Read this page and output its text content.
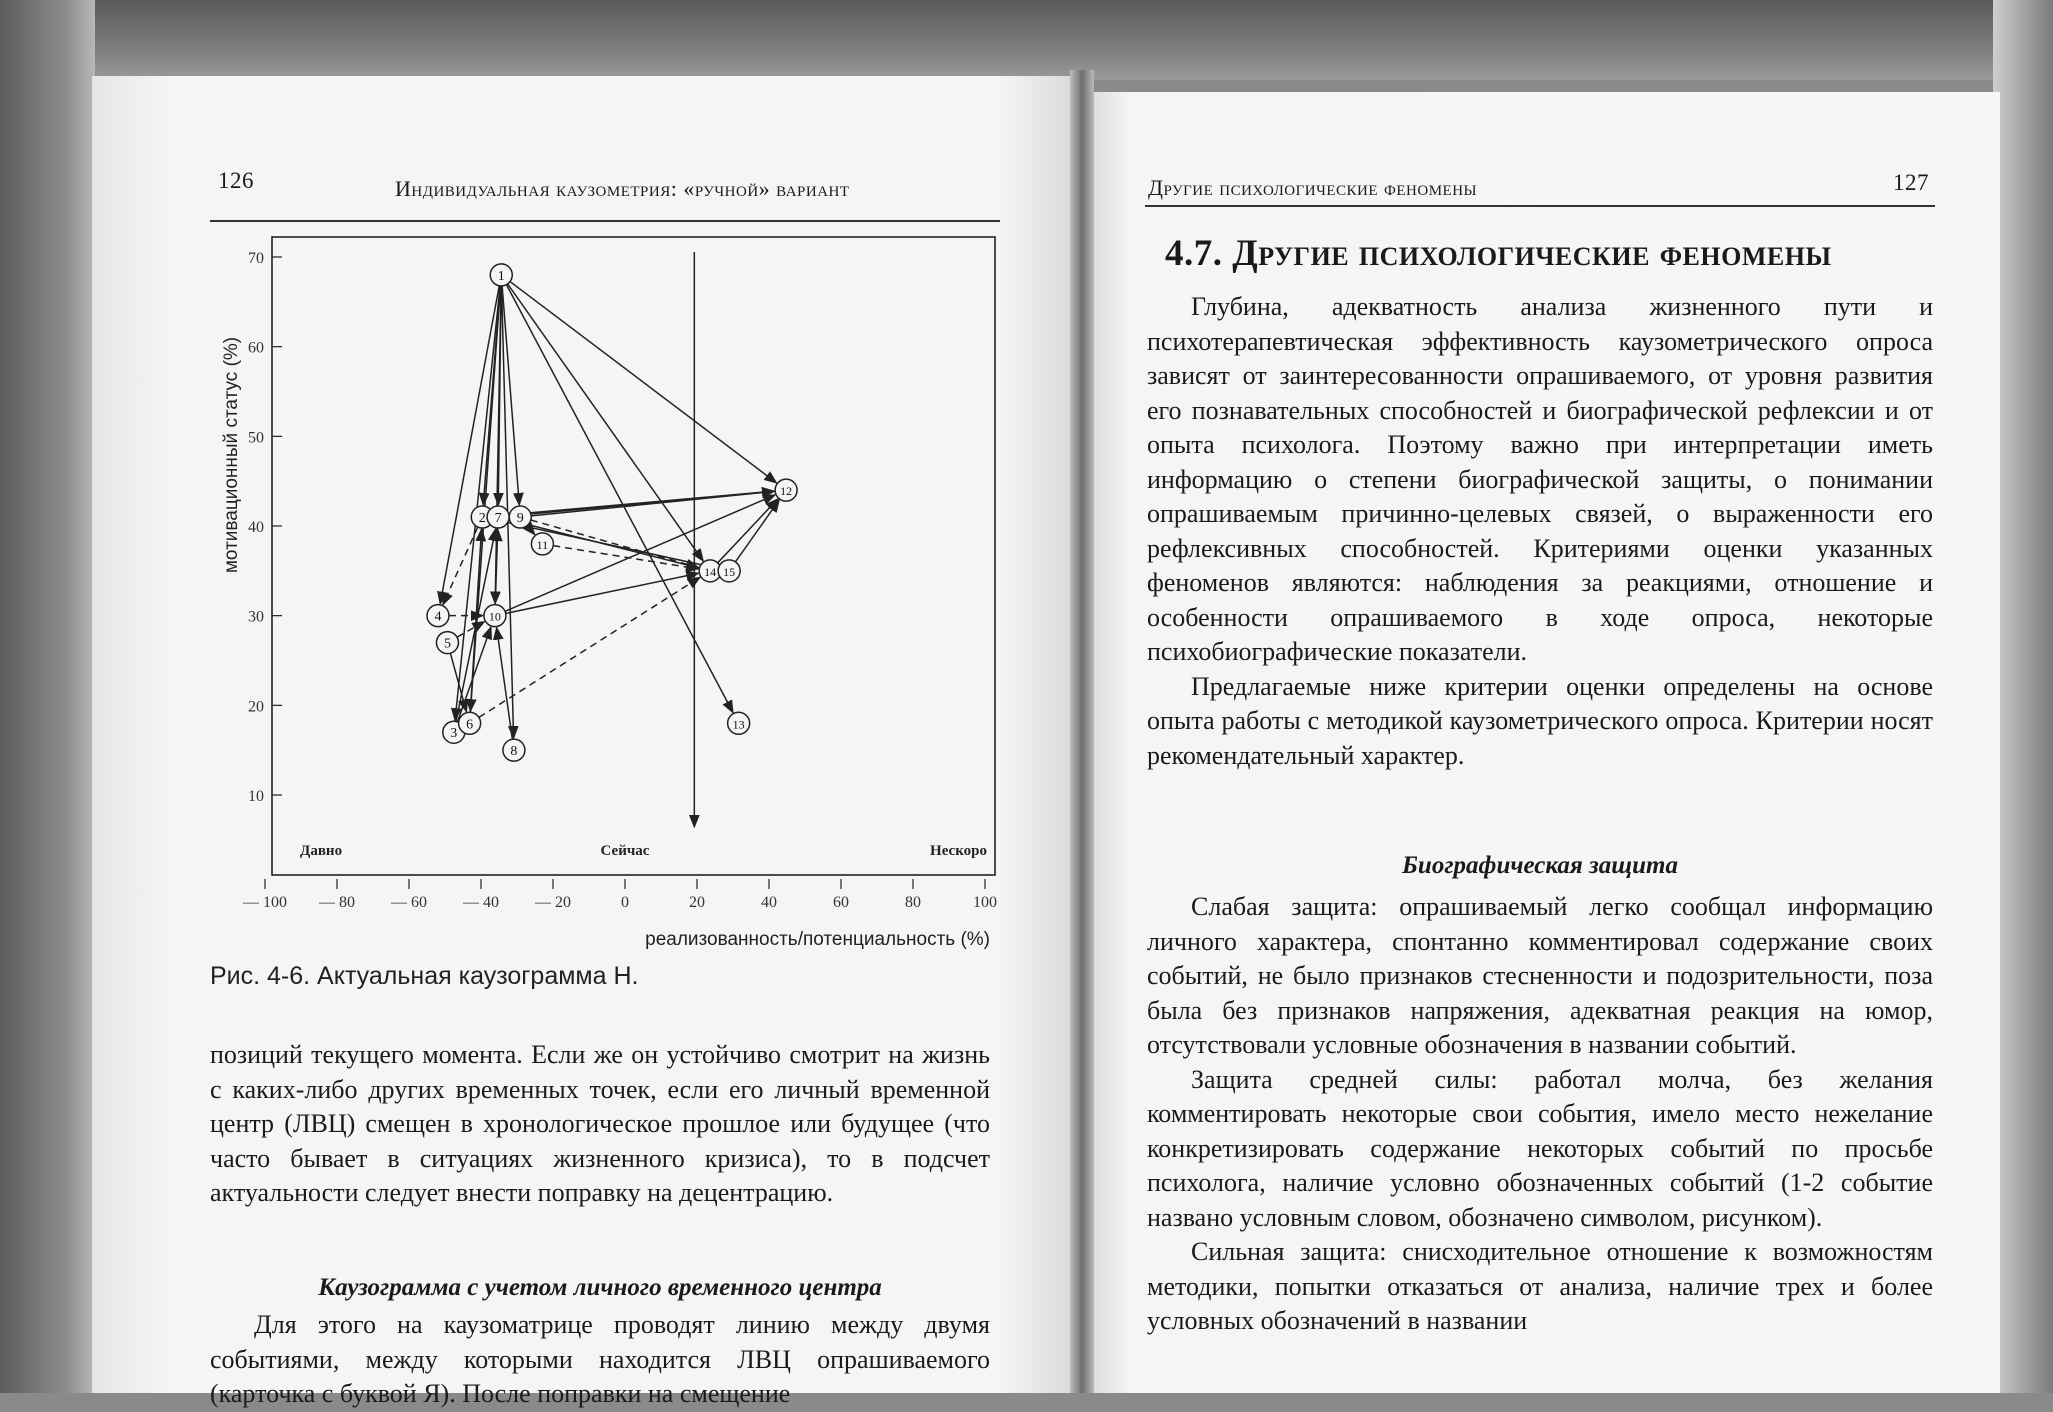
126	Индивидуальная каузометрия: «ручной» вариант
70
60
50
40
30
20
10
— 100 — 80 — 60 — 40 — 20	0	20	40	60	80	100
Давно	Сейчас	Нескоро
1
2
3
4
5
6
7
8
9
10
11
12
13
14 15
мотивационный статус (%)
реализованность/потенциальность (%)
Рис. 4-6. Актуальная каузограмма Н.

позиций текущего момента. Если же он устойчиво смотрит на жизнь с каких-либо других временных точек, если его личный временной центр (ЛВЦ) смещен в хронологическое прошлое или будущее (что часто бывает в ситуациях жизненного кризиса), то в подсчет актуальности следует внести поправку на децентрацию.

Каузограмма с учетом личного временного центра

Для этого на каузоматрице проводят линию между двумя событиями, между которыми находится ЛВЦ опрашиваемого (карточка с буквой Я). После поправки на смещение

Другие психологические феномены	127
4.7. Другие психологические феномены

Глубина, адекватность анализа жизненного пути и психотерапевтическая эффективность каузометрического опроса зависят от заинтересованности опрашиваемого, от уровня развития его познавательных способностей и биографической рефлексии и от опыта психолога. Поэтому важно при интерпретации иметь информацию о степени биографической защиты, о понимании опрашиваемым причинно-целевых связей, о выраженности его рефлексивных способностей. Критериями оценки указанных феноменов являются: наблюдения за реакциями, отношение и особенности опрашиваемого в ходе опроса, некоторые психобиографические показатели.

Предлагаемые ниже критерии оценки определены на основе опыта работы с методикой каузометрического опроса. Критерии носят рекомендательный характер.

Биографическая защита

Слабая защита: опрашиваемый легко сообщал информацию личного характера, спонтанно комментировал содержание своих событий, не было признаков стесненности и подозрительности, поза была без признаков напряжения, адекватная реакция на юмор, отсутствовали условные обозначения в названии событий.

Защита средней силы: работал молча, без желания комментировать некоторые свои события, имело место нежелание конкретизировать содержание некоторых событий по просьбе психолога, наличие условно обозначенных событий (1-2 событие названо условным словом, обозначено символом, рисунком).

Сильная защита: снисходительное отношение к возможностям методики, попытки отказаться от анализа, наличие трех и более условных обозначений в названии
